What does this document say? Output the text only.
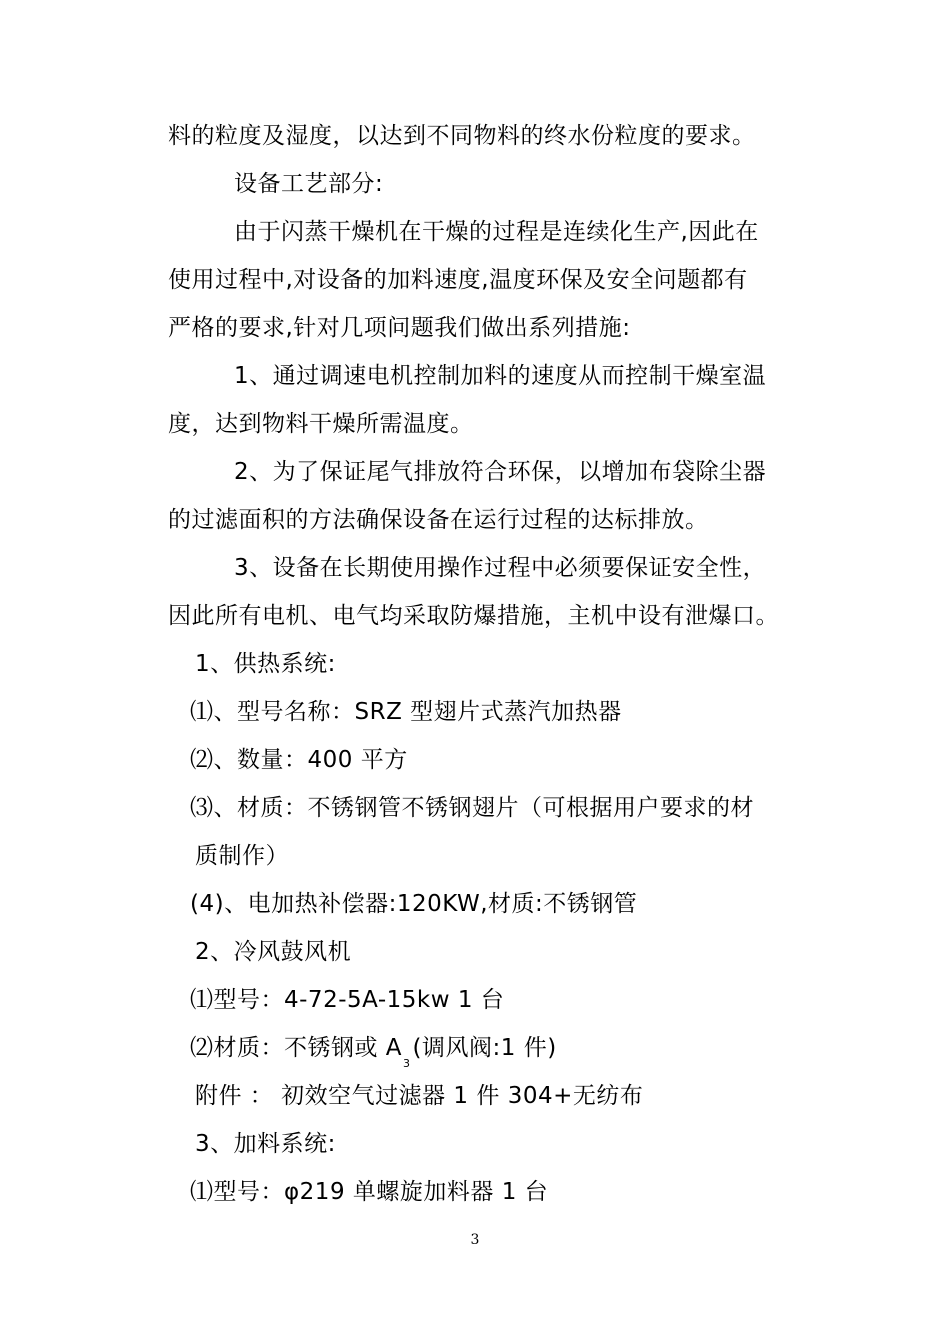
料的粒度及湿度，以达到不同物料的终水份粒度的要求。
设备工艺部分:
由于闪蒸干燥机在干燥的过程是连续化生产,因此在
使用过程中,对设备的加料速度,温度环保及安全问题都有
严格的要求,针对几项问题我们做出系列措施:
1、通过调速电机控制加料的速度从而控制干燥室温
度，达到物料干燥所需温度。
2、为了保证尾气排放符合环保，以增加布袋除尘器
的过滤面积的方法确保设备在运行过程的达标排放。
3、设备在长期使用操作过程中必须要保证安全性，
因此所有电机、电气均采取防爆措施，主机中设有泄爆口。
1、供热系统:
⑴、型号名称：SRZ 型翅片式蒸汽加热器
⑵、数量：400 平方
⑶、材质：不锈钢管不锈钢翅片（可根据用户要求的材
质制作）
(4)、电加热补偿器:120KW,材质:不锈钢管
2、冷风鼓风机
⑴型号：4-72-5A-15kw 1 台
⑵材质：不锈钢或 $A_3$(调风阀:1 件)
附件 ： 初效空气过滤器 1 件 304+无纺布
3、加料系统:
⑴型号：φ219 单螺旋加料器 1 台
3
